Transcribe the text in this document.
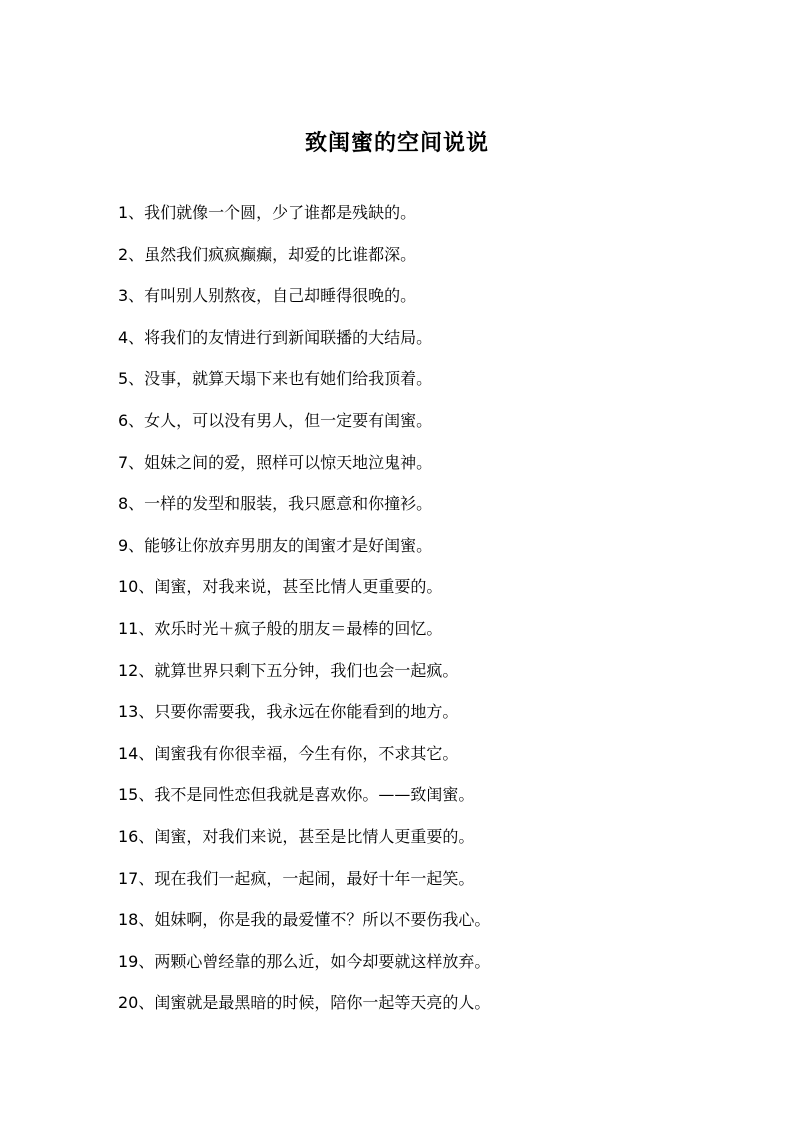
致闺蜜的空间说说
1、我们就像一个圆，少了谁都是残缺的。
2、虽然我们疯疯癫癫，却爱的比谁都深。
3、有叫别人别熬夜，自己却睡得很晚的。
4、将我们的友情进行到新闻联播的大结局。
5、没事，就算天塌下来也有她们给我顶着。
6、女人，可以没有男人，但一定要有闺蜜。
7、姐妹之间的爱，照样可以惊天地泣鬼神。
8、一样的发型和服装，我只愿意和你撞衫。
9、能够让你放弃男朋友的闺蜜才是好闺蜜。
10、闺蜜，对我来说，甚至比情人更重要的。
11、欢乐时光＋疯子般的朋友＝最棒的回忆。
12、就算世界只剩下五分钟，我们也会一起疯。
13、只要你需要我，我永远在你能看到的地方。
14、闺蜜我有你很幸福，今生有你，不求其它。
15、我不是同性恋但我就是喜欢你。——致闺蜜。
16、闺蜜，对我们来说，甚至是比情人更重要的。
17、现在我们一起疯，一起闹，最好十年一起笑。
18、姐妹啊，你是我的最爱懂不？所以不要伤我心。
19、两颗心曾经靠的那么近，如今却要就这样放弃。
20、闺蜜就是最黑暗的时候，陪你一起等天亮的人。
